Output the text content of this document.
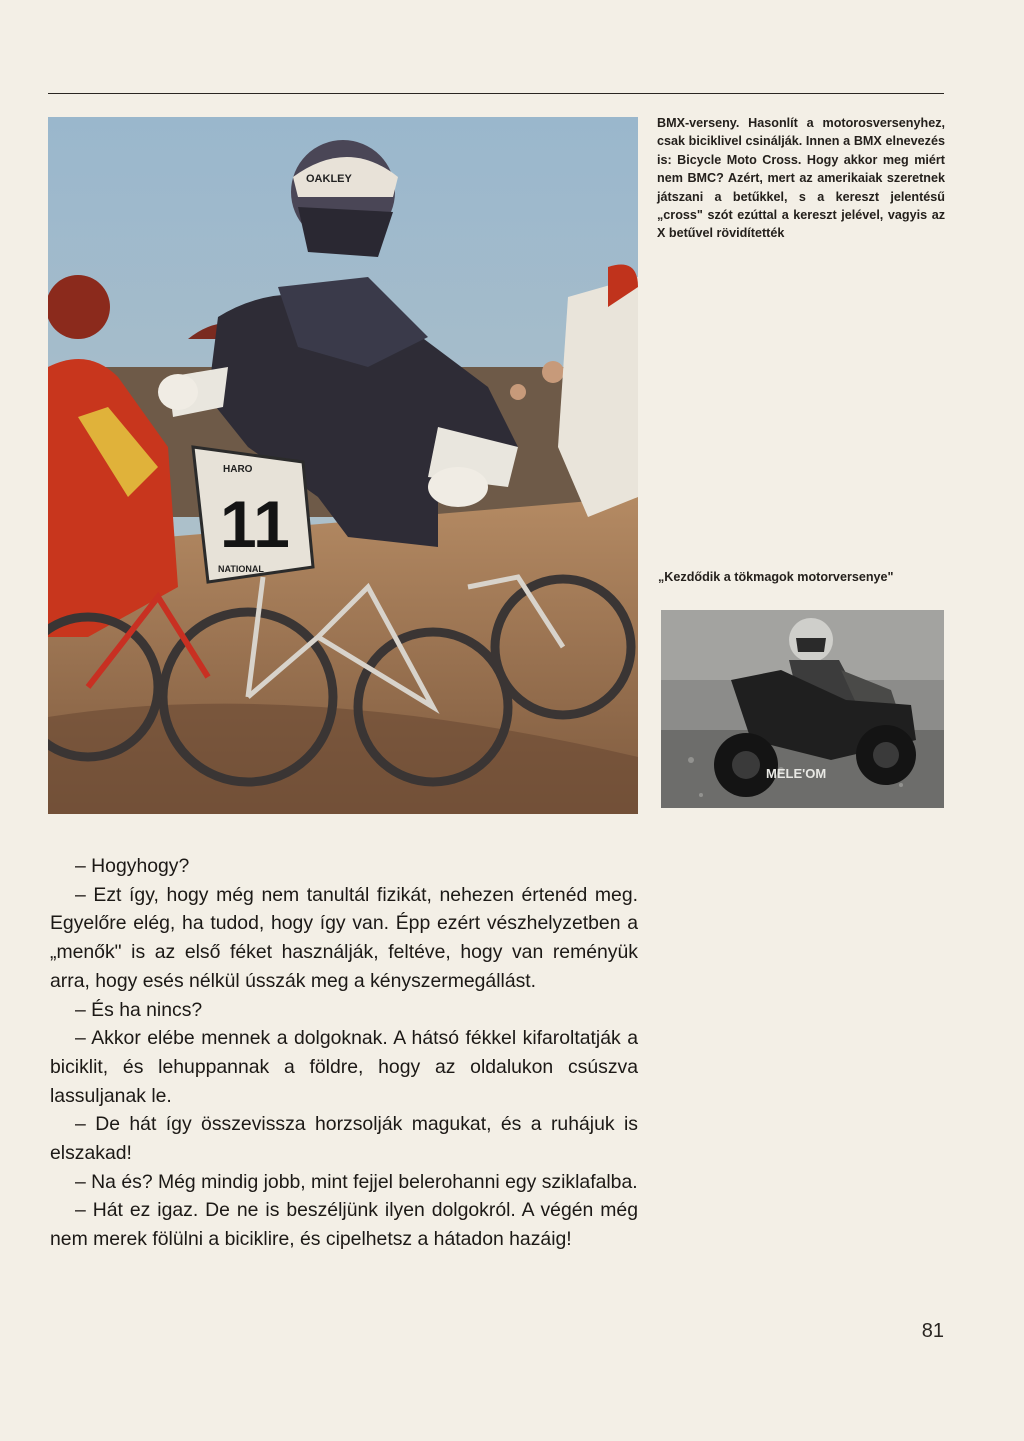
OAKLEY
HARO
11
NATIONAL

BMX-verseny. Hasonlít a motorosversenyhez, csak biciklivel csinálják. Innen a BMX elnevezés is: Bicycle Moto Cross. Hogy akkor meg miért nem BMC? Azért, mert az amerikaiak szeretnek játszani a betűkkel, s a kereszt jelentésű „cross" szót ezúttal a kereszt jelével, vagyis az X betűvel rövidítették

„Kezdődik a tökmagok motorversenye"

MELE'OM

– Hogyhogy?

– Ezt így, hogy még nem tanultál fizikát, nehezen értenéd meg. Egyelőre elég, ha tudod, hogy így van. Épp ezért vészhelyzetben a „menők" is az első féket használják, feltéve, hogy van reményük arra, hogy esés nélkül ússzák meg a kényszermegállást.

– És ha nincs?

– Akkor elébe mennek a dolgoknak. A hátsó fékkel kifaroltatják a biciklit, és lehuppannak a földre, hogy az oldalukon csúszva lassuljanak le.

– De hát így összevissza horzsolják magukat, és a ruhájuk is elszakad!

– Na és? Még mindig jobb, mint fejjel belerohanni egy sziklafalba.

– Hát ez igaz. De ne is beszéljünk ilyen dolgokról. A végén még nem merek fölülni a biciklire, és cipelhetsz a hátadon hazáig!

81
